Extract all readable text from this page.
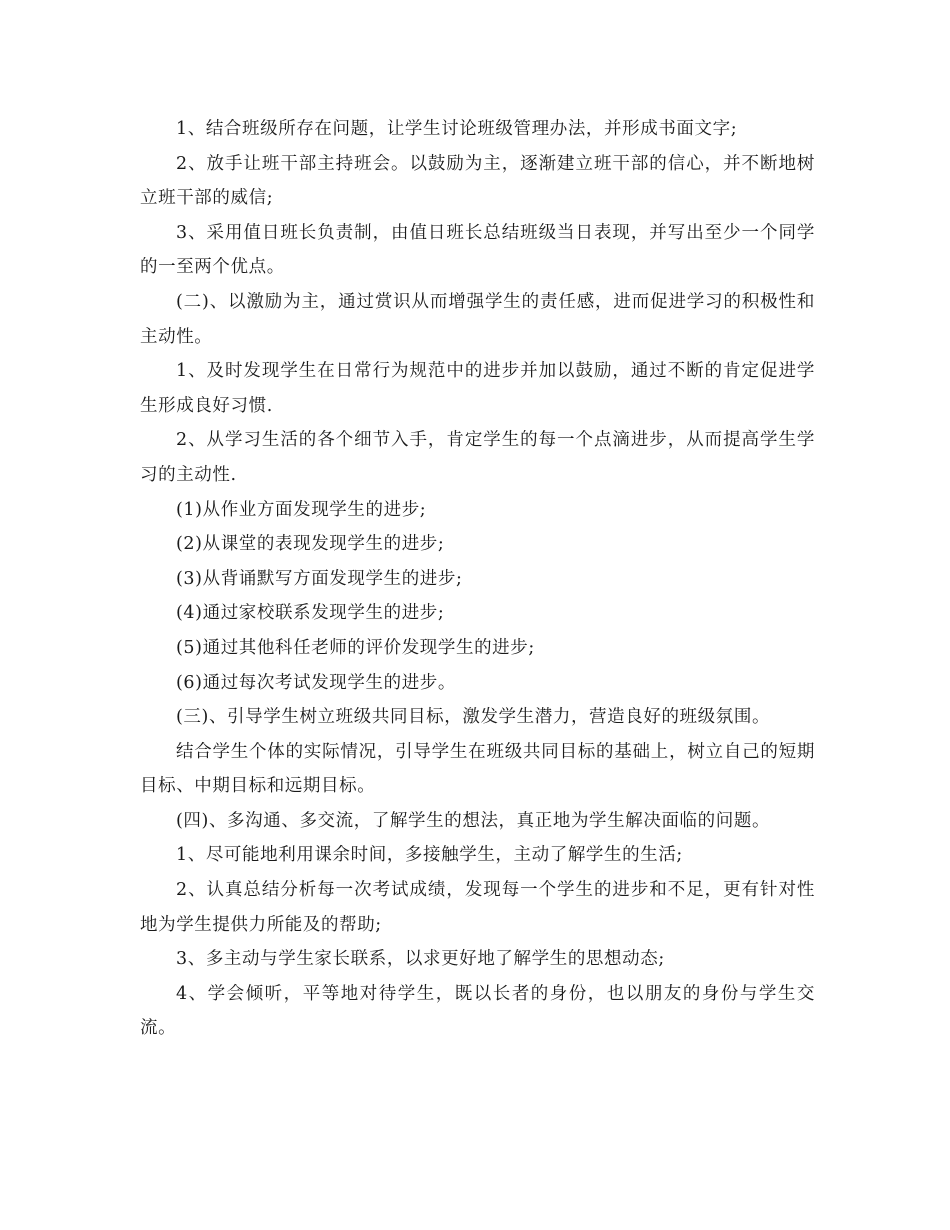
1、结合班级所存在问题，让学生讨论班级管理办法，并形成书面文字;

2、放手让班干部主持班会。以鼓励为主，逐渐建立班干部的信心，并不断地树立班干部的威信;

3、采用值日班长负责制，由值日班长总结班级当日表现，并写出至少一个同学的一至两个优点。

(二)、以激励为主，通过赏识从而增强学生的责任感，进而促进学习的积极性和主动性。

1、及时发现学生在日常行为规范中的进步并加以鼓励，通过不断的肯定促进学生形成良好习惯.

2、从学习生活的各个细节入手，肯定学生的每一个点滴进步，从而提高学生学习的主动性.

(1)从作业方面发现学生的进步;

(2)从课堂的表现发现学生的进步;

(3)从背诵默写方面发现学生的进步;

(4)通过家校联系发现学生的进步;

(5)通过其他科任老师的评价发现学生的进步;

(6)通过每次考试发现学生的进步。

(三)、引导学生树立班级共同目标，激发学生潜力，营造良好的班级氛围。

结合学生个体的实际情况，引导学生在班级共同目标的基础上，树立自己的短期目标、中期目标和远期目标。

(四)、多沟通、多交流，了解学生的想法，真正地为学生解决面临的问题。

1、尽可能地利用课余时间，多接触学生，主动了解学生的生活;

2、认真总结分析每一次考试成绩，发现每一个学生的进步和不足，更有针对性地为学生提供力所能及的帮助;

3、多主动与学生家长联系，以求更好地了解学生的思想动态;

4、学会倾听，平等地对待学生，既以长者的身份，也以朋友的身份与学生交流。
